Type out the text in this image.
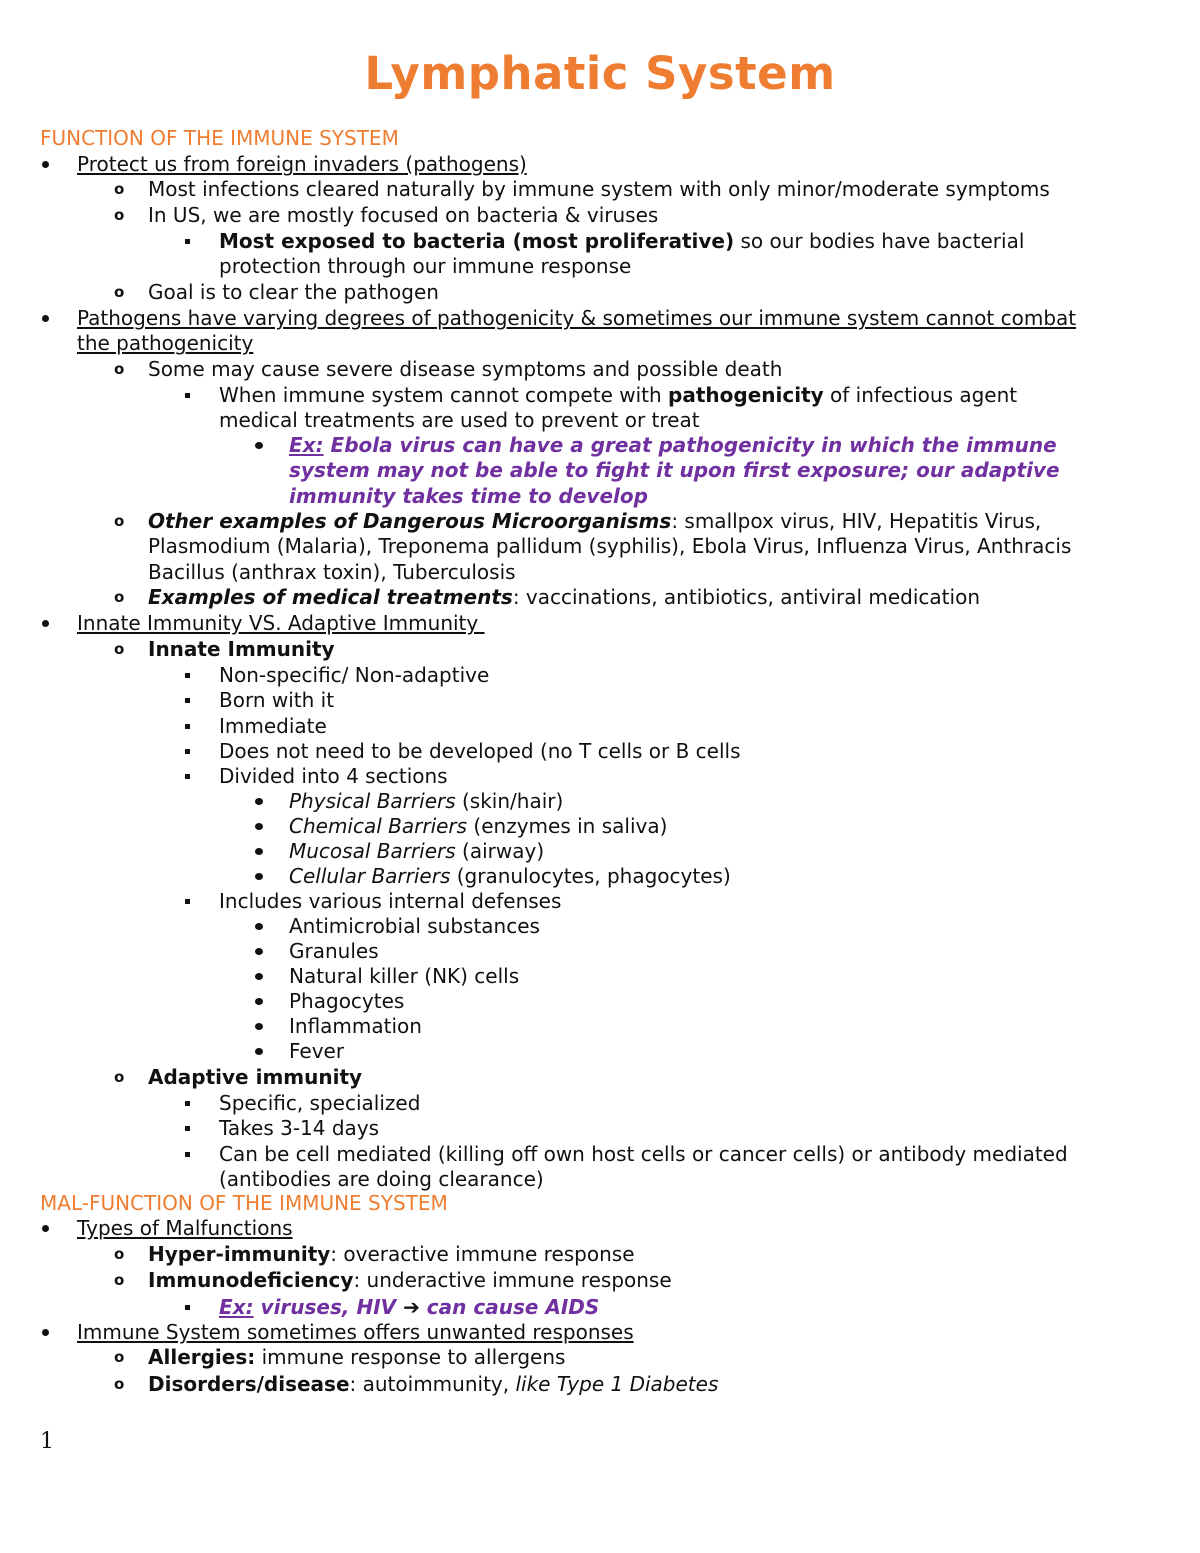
Lymphatic System
FUNCTION OF THE IMMUNE SYSTEM
Protect us from foreign invaders (pathogens)
o Most infections cleared naturally by immune system with only minor/moderate symptoms
o In US, we are mostly focused on bacteria & viruses
Most exposed to bacteria (most proliferative) so our bodies have bacterial
protection through our immune response
o Goal is to clear the pathogen
Pathogens have varying degrees of pathogenicity & sometimes our immune system cannot combat
the pathogenicity
o Some may cause severe disease symptoms and possible death
When immune system cannot compete with pathogenicity of infectious agent
medical treatments are used to prevent or treat
Ex: Ebola virus can have a great pathogenicity in which the immune
system may not be able to fight it upon first exposure; our adaptive
immunity takes time to develop
o Other examples of Dangerous Microorganisms: smallpox virus, HIV, Hepatitis Virus,
Plasmodium (Malaria), Treponema pallidum (syphilis), Ebola Virus, Influenza Virus, Anthracis
Bacillus (anthrax toxin), Tuberculosis
o Examples of medical treatments: vaccinations, antibiotics, antiviral medication
Innate Immunity VS. Adaptive Immunity
o Innate Immunity
Non-specific/ Non-adaptive
Born with it
Immediate
Does not need to be developed (no T cells or B cells
Divided into 4 sections
Physical Barriers (skin/hair)
Chemical Barriers (enzymes in saliva)
Mucosal Barriers (airway)
Cellular Barriers (granulocytes, phagocytes)
Includes various internal defenses
Antimicrobial substances
Granules
Natural killer (NK) cells
Phagocytes
Inflammation
Fever
o Adaptive immunity
Specific, specialized
Takes 3-14 days
Can be cell mediated (killing off own host cells or cancer cells) or antibody mediated
(antibodies are doing clearance)
MAL-FUNCTION OF THE IMMUNE SYSTEM
Types of Malfunctions
o Hyper-immunity: overactive immune response
o Immunodeficiency: underactive immune response
Ex: viruses, HIV ➔ can cause AIDS
Immune System sometimes offers unwanted responses
o Allergies: immune response to allergens
o Disorders/disease: autoimmunity, like Type 1 Diabetes
1
